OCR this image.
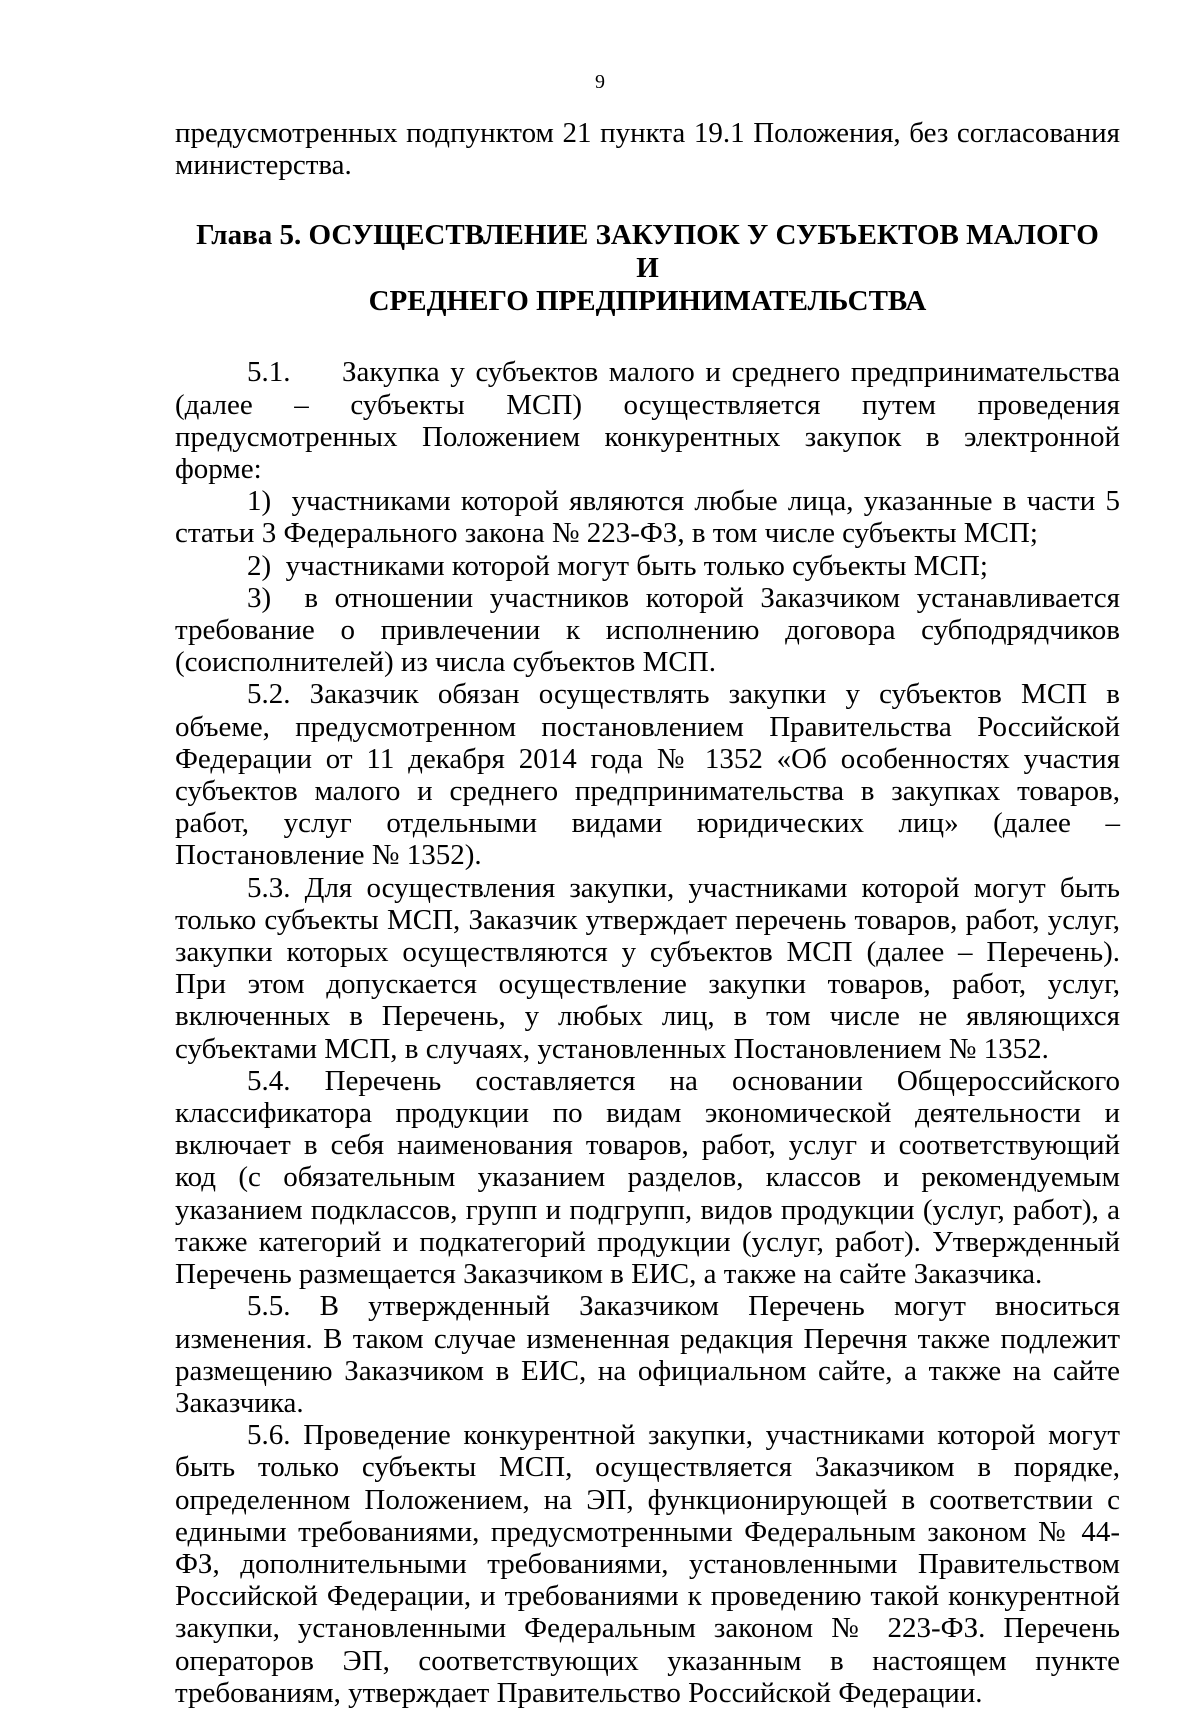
9

предусмотренных подпунктом 21 пункта 19.1 Положения, без согласования министерства.

Глава 5. ОСУЩЕСТВЛЕНИЕ ЗАКУПОК У СУБЪЕКТОВ МАЛОГО И
СРЕДНЕГО ПРЕДПРИНИМАТЕЛЬСТВА

5.1. Закупка у субъектов малого и среднего предпринимательства (далее – субъекты МСП) осуществляется путем проведения предусмотренных Положением конкурентных закупок в электронной форме:

1)  участниками которой являются любые лица, указанные в части 5 статьи 3 Федерального закона № 223-ФЗ, в том числе субъекты МСП;

2)  участниками которой могут быть только субъекты МСП;

3)  в отношении участников которой Заказчиком устанавливается требование о привлечении к исполнению договора субподрядчиков (соисполнителей) из числа субъектов МСП.

5.2. Заказчик обязан осуществлять закупки у субъектов МСП в объеме, предусмотренном постановлением Правительства Российской Федерации от 11 декабря 2014 года № 1352 «Об особенностях участия субъектов малого и среднего предпринимательства в закупках товаров, работ, услуг отдельными видами юридических лиц» (далее – Постановление № 1352).

5.3. Для осуществления закупки, участниками которой могут быть только субъекты МСП, Заказчик утверждает перечень товаров, работ, услуг, закупки которых осуществляются у субъектов МСП (далее – Перечень). При этом допускается осуществление закупки товаров, работ, услуг, включенных в Перечень, у любых лиц, в том числе не являющихся субъектами МСП, в случаях, установленных Постановлением № 1352.

5.4. Перечень составляется на основании Общероссийского классификатора продукции по видам экономической деятельности и включает в себя наименования товаров, работ, услуг и соответствующий код (с обязательным указанием разделов, классов и рекомендуемым указанием подклассов, групп и подгрупп, видов продукции (услуг, работ), а также категорий и подкатегорий продукции (услуг, работ). Утвержденный Перечень размещается Заказчиком в ЕИС, а также на сайте Заказчика.

5.5. В утвержденный Заказчиком Перечень могут вноситься изменения. В таком случае измененная редакция Перечня также подлежит размещению Заказчиком в ЕИС, на официальном сайте, а также на сайте Заказчика.

5.6. Проведение конкурентной закупки, участниками которой могут быть только субъекты МСП, осуществляется Заказчиком в порядке, определенном Положением, на ЭП, функционирующей в соответствии с едиными требованиями, предусмотренными Федеральным законом № 44-ФЗ, дополнительными требованиями, установленными Правительством Российской Федерации, и требованиями к проведению такой конкурентной закупки, установленными Федеральным законом № 223-ФЗ. Перечень операторов ЭП, соответствующих указанным в настоящем пункте требованиям, утверждает Правительство Российской Федерации.
